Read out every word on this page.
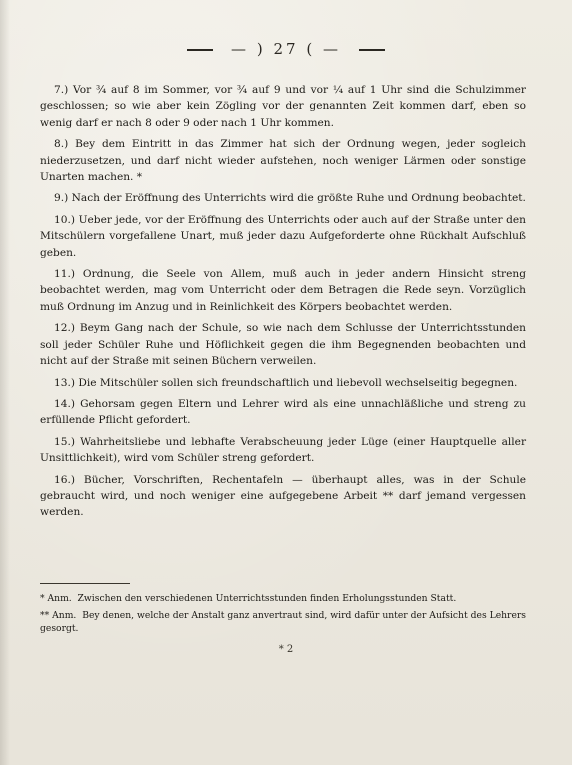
— ) 27 ( —

7.) Vor ¾ auf 8 im Sommer, vor ¾ auf 9 und vor ¼ auf 1 Uhr sind die Schulzimmer geschlossen; so wie aber kein Zögling vor der genannten Zeit kommen darf, eben so wenig darf er nach 8 oder 9 oder nach 1 Uhr kommen.

8.) Bey dem Eintritt in das Zimmer hat sich der Ordnung wegen, jeder sogleich niederzusetzen, und darf nicht wieder aufstehen, noch weniger Lärmen oder sonstige Unarten machen. *

9.) Nach der Eröffnung des Unterrichts wird die größte Ruhe und Ordnung beobachtet.

10.) Ueber jede, vor der Eröffnung des Unterrichts oder auch auf der Straße unter den Mitschülern vorgefallene Unart, muß jeder dazu Aufgeforderte ohne Rückhalt Aufschluß geben.

11.) Ordnung, die Seele von Allem, muß auch in jeder andern Hinsicht streng beobachtet werden, mag vom Unterricht oder dem Betragen die Rede seyn. Vorzüglich muß Ordnung im Anzug und in Reinlichkeit des Körpers beobachtet werden.

12.) Beym Gang nach der Schule, so wie nach dem Schlusse der Unterrichtsstunden soll jeder Schüler Ruhe und Höflichkeit gegen die ihm Begegnenden beobachten und nicht auf der Straße mit seinen Büchern verweilen.

13.) Die Mitschüler sollen sich freundschaftlich und liebevoll wechselseitig begegnen.

14.) Gehorsam gegen Eltern und Lehrer wird als eine unnachläßliche und streng zu erfüllende Pflicht gefordert.

15.) Wahrheitsliebe und lebhafte Verabscheuung jeder Lüge (einer Hauptquelle aller Unsittlichkeit), wird vom Schüler streng gefordert.

16.) Bücher, Vorschriften, Rechentafeln — überhaupt alles, was in der Schule gebraucht wird, und noch weniger eine aufgegebene Arbeit ** darf jemand vergessen werden.

* Anm. Zwischen den verschiedenen Unterrichtsstunden finden Erholungsstunden Statt.

** Anm. Bey denen, welche der Anstalt ganz anvertraut sind, wird dafür unter der Aufsicht des Lehrers gesorgt.

* 2
